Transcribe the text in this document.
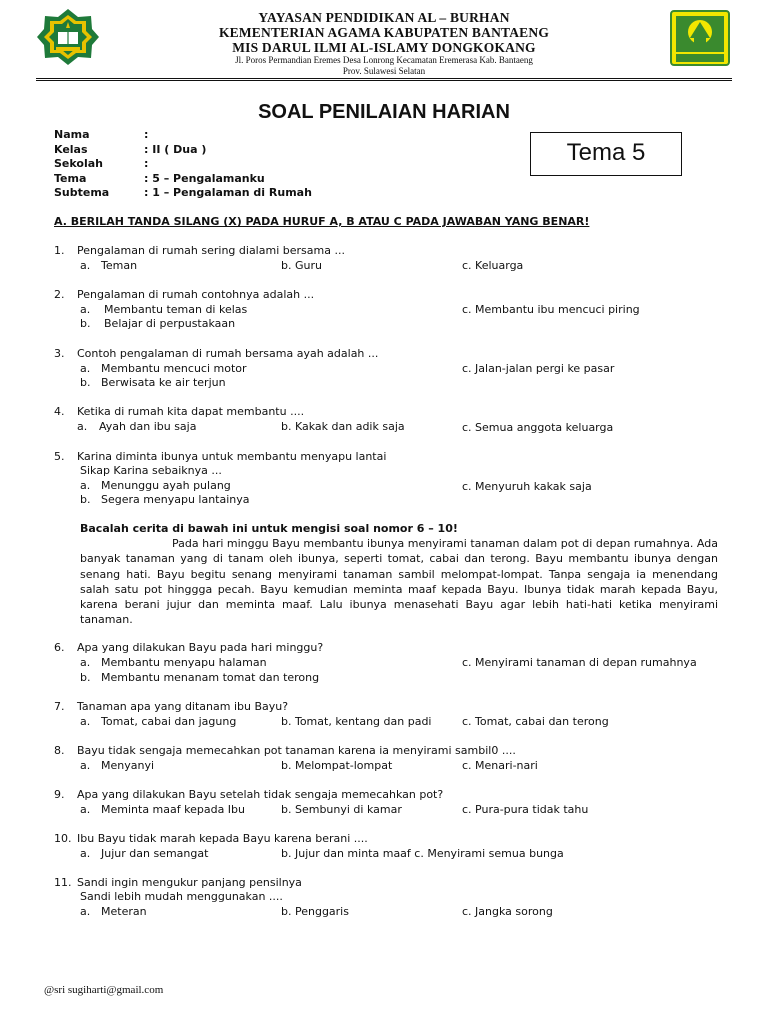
YAYASAN PENDIDIKAN AL – BURHAN
KEMENTERIAN AGAMA KABUPATEN BANTAENG
MIS DARUL ILMI AL-ISLAMY DONGKOKANG
Jl. Poros Permandian Eremes Desa Lonrong Kecamatan Eremerasa Kab. Bantaeng
Prov. Sulawesi Selatan
SOAL PENILAIAN HARIAN
Tema 5
Nama	:
Kelas	: II ( Dua )
Sekolah	:
Tema	: 5 – Pengalamanku
Subtema	: 1 – Pengalaman di Rumah
A. BERILAH TANDA SILANG (X) PADA HURUF A, B ATAU C PADA JAWABAN YANG BENAR!
1. Pengalaman di rumah sering dialami bersama ...
a. Teman	b. Guru	c. Keluarga
2. Pengalaman di rumah contohnya adalah ...
a. Membantu teman di kelas	c. Membantu ibu mencuci piring
b. Belajar di perpustakaan
3. Contoh pengalaman di rumah bersama ayah adalah ...
a. Membantu mencuci motor	c. Jalan-jalan pergi ke pasar
b. Berwisata ke air terjun
4. Ketika di rumah kita dapat membantu ....
a. Ayah dan ibu saja	b. Kakak dan adik saja	c. Semua anggota keluarga
5. Karina diminta ibunya untuk membantu menyapu lantai
Sikap Karina sebaiknya ...
a. Menunggu ayah pulang	c. Menyuruh kakak saja
b. Segera menyapu lantainya
Bacalah cerita di bawah ini untuk mengisi soal nomor 6 – 10!
Pada hari minggu Bayu membantu ibunya menyirami tanaman dalam pot di depan rumahnya. Ada banyak tanaman yang di tanam oleh ibunya, seperti tomat, cabai dan terong. Bayu membantu ibunya dengan senang hati. Bayu begitu senang menyirami tanaman sambil melompat-lompat. Tanpa sengaja ia menendang salah satu pot hinggga pecah. Bayu kemudian meminta maaf kepada Bayu. Ibunya tidak marah kepada Bayu, karena berani jujur dan meminta maaf. Lalu ibunya menasehati Bayu agar lebih hati-hati ketika menyirami tanaman.
6. Apa yang dilakukan Bayu pada hari minggu?
a. Membantu menyapu halaman	c. Menyirami tanaman di depan rumahnya
b. Membantu menanam tomat dan terong
7. Tanaman apa yang ditanam ibu Bayu?
a. Tomat, cabai dan jagung	b. Tomat, kentang dan padi	c. Tomat, cabai dan terong
8. Bayu tidak sengaja memecahkan pot tanaman karena ia menyirami sambil0 ....
a. Menyanyi	b. Melompat-lompat	c. Menari-nari
9. Apa yang dilakukan Bayu setelah tidak sengaja memecahkan pot?
a. Meminta maaf kepada Ibu	b. Sembunyi di kamar	c. Pura-pura tidak tahu
10. Ibu Bayu tidak marah kepada Bayu karena berani ....
a. Jujur dan semangat	b. Jujur dan minta maaf c. Menyirami semua bunga
11. Sandi ingin mengukur panjang pensilnya
Sandi lebih mudah menggunakan ....
a. Meteran	b. Penggaris	c. Jangka sorong
@sri sugiharti@gmail.com
